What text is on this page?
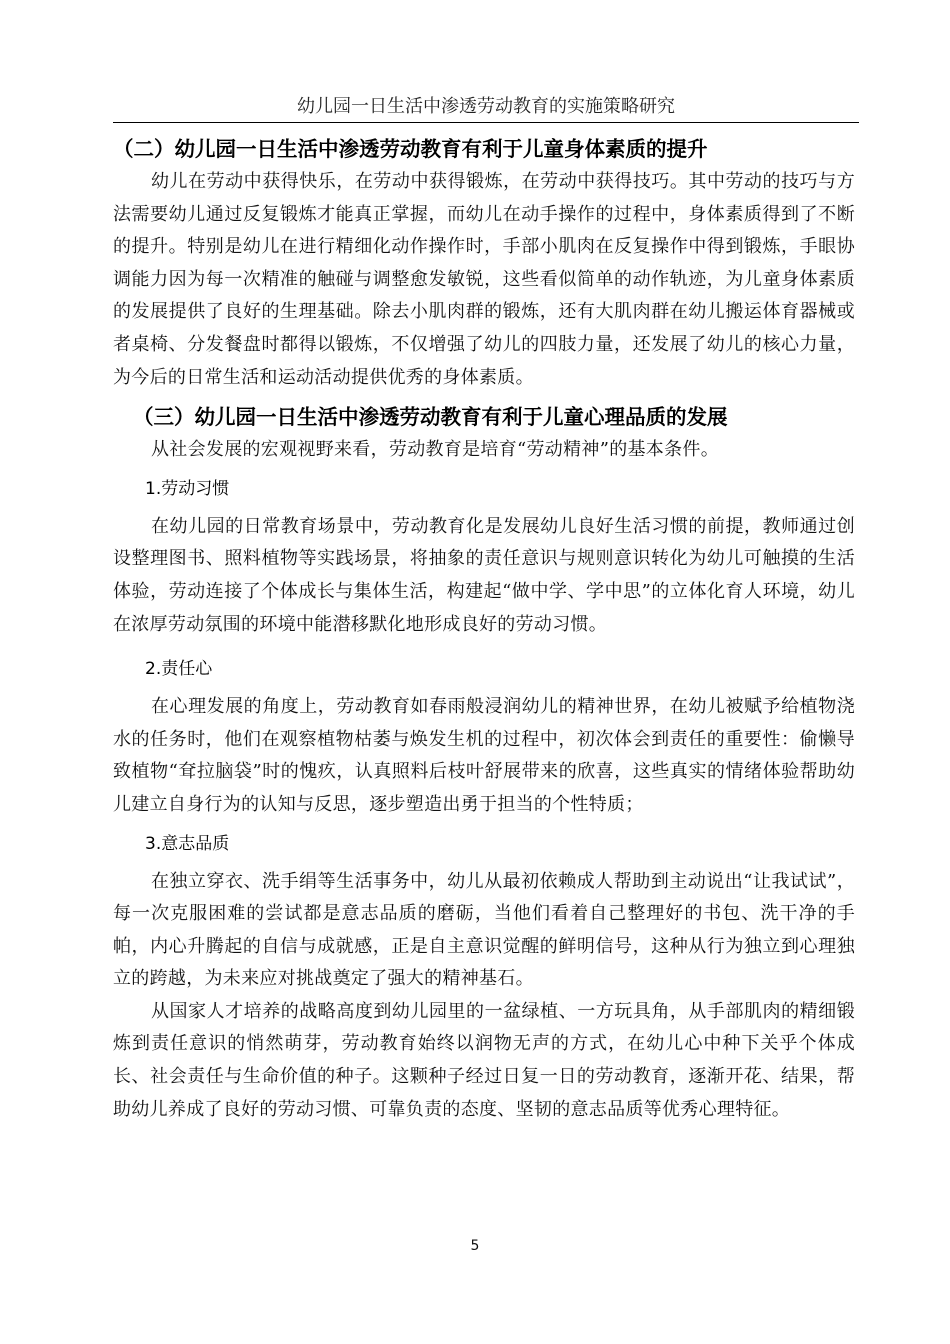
幼儿园一日生活中渗透劳动教育的实施策略研究

（二）幼儿园一日生活中渗透劳动教育有利于儿童身体素质的提升

幼儿在劳动中获得快乐，在劳动中获得锻炼，在劳动中获得技巧。其中劳动的技巧与方法需要幼儿通过反复锻炼才能真正掌握，而幼儿在动手操作的过程中，身体素质得到了不断的提升。特别是幼儿在进行精细化动作操作时，手部小肌肉在反复操作中得到锻炼，手眼协调能力因为每一次精准的触碰与调整愈发敏锐，这些看似简单的动作轨迹，为儿童身体素质的发展提供了良好的生理基础。除去小肌肉群的锻炼，还有大肌肉群在幼儿搬运体育器械或者桌椅、分发餐盘时都得以锻炼，不仅增强了幼儿的四肢力量，还发展了幼儿的核心力量，为今后的日常生活和运动活动提供优秀的身体素质。

（三）幼儿园一日生活中渗透劳动教育有利于儿童心理品质的发展

从社会发展的宏观视野来看，劳动教育是培育“劳动精神”的基本条件。

1.劳动习惯

在幼儿园的日常教育场景中，劳动教育化是发展幼儿良好生活习惯的前提，教师通过创设整理图书、照料植物等实践场景，将抽象的责任意识与规则意识转化为幼儿可触摸的生活体验，劳动连接了个体成长与集体生活，构建起“做中学、学中思”的立体化育人环境，幼儿在浓厚劳动氛围的环境中能潜移默化地形成良好的劳动习惯。

2.责任心

在心理发展的角度上，劳动教育如春雨般浸润幼儿的精神世界，在幼儿被赋予给植物浇水的任务时，他们在观察植物枯萎与焕发生机的过程中，初次体会到责任的重要性：偷懒导致植物“耷拉脑袋”时的愧疚，认真照料后枝叶舒展带来的欣喜，这些真实的情绪体验帮助幼儿建立自身行为的认知与反思，逐步塑造出勇于担当的个性特质；

3.意志品质

在独立穿衣、洗手绢等生活事务中，幼儿从最初依赖成人帮助到主动说出“让我试试”，每一次克服困难的尝试都是意志品质的磨砺，当他们看着自己整理好的书包、洗干净的手帕，内心升腾起的自信与成就感，正是自主意识觉醒的鲜明信号，这种从行为独立到心理独立的跨越，为未来应对挑战奠定了强大的精神基石。

从国家人才培养的战略高度到幼儿园里的一盆绿植、一方玩具角，从手部肌肉的精细锻炼到责任意识的悄然萌芽，劳动教育始终以润物无声的方式，在幼儿心中种下关乎个体成长、社会责任与生命价值的种子。这颗种子经过日复一日的劳动教育，逐渐开花、结果，帮助幼儿养成了良好的劳动习惯、可靠负责的态度、坚韧的意志品质等优秀心理特征。

5
